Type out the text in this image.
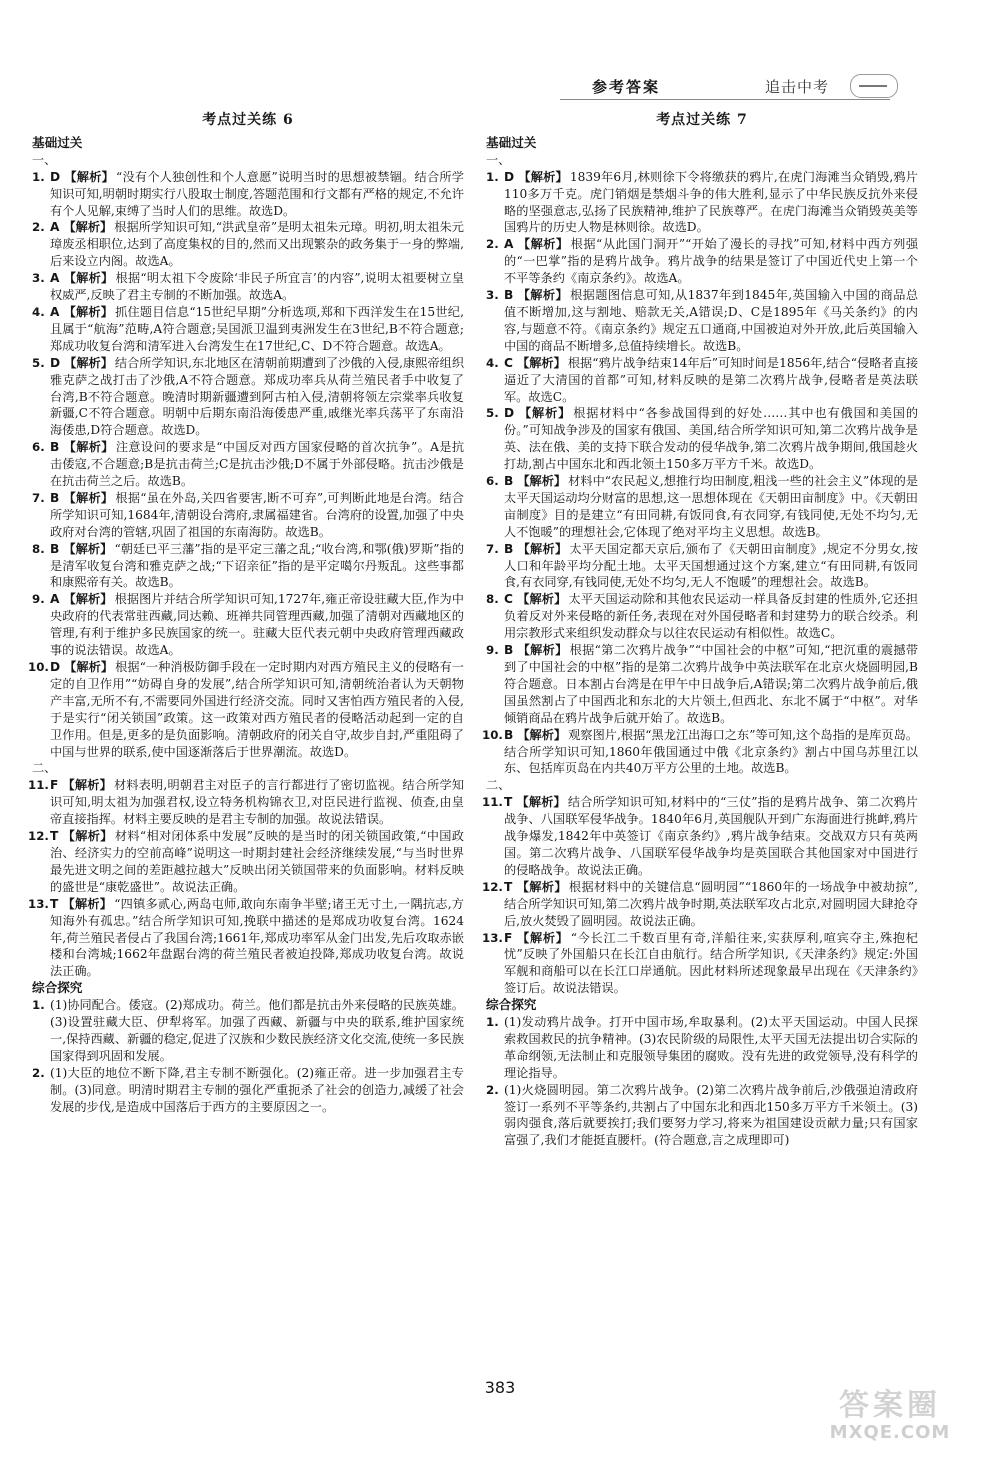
参考答案	追击中考
考点过关练 6
基础过关

一、

1. D 【解析】 “没有个人独创性和个人意愿”说明当时的思想被禁锢。结合所学知识可知,明朝时期实行八股取士制度,答题范围和行文都有严格的规定,不允许有个人见解,束缚了当时人们的思维。故选D。

2. A 【解析】 根据所学知识可知,“洪武皇帝”是明太祖朱元璋。明初,明太祖朱元璋废丞相职位,达到了高度集权的目的,然而又出现繁杂的政务集于一身的弊端,后来设立内阁。故选A。

3. A 【解析】 根据“明太祖下令废除‘非民子所宜言’的内容”,说明太祖要树立皇权威严,反映了君主专制的不断加强。故选A。

4. A 【解析】 抓住题目信息“15世纪早期”分析选项,郑和下西洋发生在15世纪,且属于“航海”范畴,A符合题意;吴国派卫温到夷洲发生在3世纪,B不符合题意;郑成功收复台湾和清军进入台湾发生在17世纪,C、D不符合题意。故选A。

5. D 【解析】 结合所学知识,东北地区在清朝前期遭到了沙俄的入侵,康熙帝组织雅克萨之战打击了沙俄,A不符合题意。郑成功率兵从荷兰殖民者手中收复了台湾,B不符合题意。晚清时期新疆遭到阿古柏入侵,清朝将领左宗棠率兵收复新疆,C不符合题意。明朝中后期东南沿海倭患严重,戚继光率兵荡平了东南沿海倭患,D符合题意。故选D。

6. B 【解析】 注意设问的要求是“中国反对西方国家侵略的首次抗争”。A是抗击倭寇,不合题意;B是抗击荷兰;C是抗击沙俄;D不属于外部侵略。抗击沙俄是在抗击荷兰之后。故选B。

7. B 【解析】 根据“虽在外岛,关四省要害,断不可弃”,可判断此地是台湾。结合所学知识可知,1684年,清朝设台湾府,隶属福建省。台湾府的设置,加强了中央政府对台湾的管辖,巩固了祖国的东南海防。故选B。

8. B 【解析】 “朝廷已平三藩”指的是平定三藩之乱;“收台湾,和鄂(俄)罗斯”指的是清军收复台湾和雅克萨之战;“下诏亲征”指的是平定噶尔丹叛乱。这些事都和康熙帝有关。故选B。

9. A 【解析】 根据图片并结合所学知识可知,1727年,雍正帝设驻藏大臣,作为中央政府的代表常驻西藏,同达赖、班禅共同管理西藏,加强了清朝对西藏地区的管理,有利于维护多民族国家的统一。驻藏大臣代表元朝中央政府管理西藏政事的说法错误。故选A。

10. D 【解析】 根据“一种消极防御手段在一定时期内对西方殖民主义的侵略有一定的自卫作用”“妨碍自身的发展”,结合所学知识可知,清朝统治者认为天朝物产丰富,无所不有,不需要同外国进行经济交流。同时又害怕西方殖民者的入侵,于是实行“闭关锁国”政策。这一政策对西方殖民者的侵略活动起到一定的自卫作用。但是,更多的是负面影响。清朝政府的闭关自守,故步自封,严重阻碍了中国与世界的联系,使中国逐渐落后于世界潮流。故选D。

二、

11. F 【解析】 材料表明,明朝君主对臣子的言行都进行了密切监视。结合所学知识可知,明太祖为加强君权,设立特务机构锦衣卫,对臣民进行监视、侦查,由皇帝直接指挥。材料主要反映的是君主专制的加强。故说法错误。

12. T 【解析】 材料“相对闭体系中发展”反映的是当时的闭关锁国政策,“中国政治、经济实力的空前高峰”说明这一时期封建社会经济继续发展,“与当时世界最先进文明之间的差距越拉越大”反映出闭关锁国带来的负面影响。材料反映的盛世是“康乾盛世”。故说法正确。

13. T 【解析】 “四镇多贰心,两岛屯师,敢向东南争半壁;诸王无寸土,一隅抗志,方知海外有孤忠。”结合所学知识可知,挽联中描述的是郑成功收复台湾。1624年,荷兰殖民者侵占了我国台湾;1661年,郑成功率军从金门出发,先后攻取赤嵌楼和台湾城;1662年盘踞台湾的荷兰殖民者被迫投降,郑成功收复台湾。故说法正确。

综合探究

1. (1)协同配合。倭寇。(2)郑成功。荷兰。他们都是抗击外来侵略的民族英雄。(3)设置驻藏大臣、伊犁将军。加强了西藏、新疆与中央的联系,维护国家统一,保持西藏、新疆的稳定,促进了汉族和少数民族经济文化交流,使统一多民族国家得到巩固和发展。

2. (1)大臣的地位不断下降,君主专制不断强化。(2)雍正帝。进一步加强君主专制。(3)同意。明清时期君主专制的强化严重扼杀了社会的创造力,减缓了社会发展的步伐,是造成中国落后于西方的主要原因之一。

考点过关练 7
基础过关

一、

1. D 【解析】 1839年6月,林则徐下令将缴获的鸦片,在虎门海滩当众销毁,鸦片110多万千克。虎门销烟是禁烟斗争的伟大胜利,显示了中华民族反抗外来侵略的坚强意志,弘扬了民族精神,维护了民族尊严。在虎门海滩当众销毁英美等国鸦片的历史人物是林则徐。故选D。

2. A 【解析】 根据“从此国门洞开”“开始了漫长的寻找”可知,材料中西方列强的“一巴掌”指的是鸦片战争。鸦片战争的结果是签订了中国近代史上第一个不平等条约《南京条约》。故选A。

3. B 【解析】 根据题图信息可知,从1837年到1845年,英国输入中国的商品总值不断增加,这与割地、赔款无关,A错误;D、C是1895年《马关条约》的内容,与题意不符。《南京条约》规定五口通商,中国被迫对外开放,此后英国输入中国的商品不断增多,总值持续增长。故选B。

4. C 【解析】 根据“鸦片战争结束14年后”可知时间是1856年,结合“侵略者直接逼近了大清国的首都”可知,材料反映的是第二次鸦片战争,侵略者是英法联军。故选C。

5. D 【解析】 根据材料中“各参战国得到的好处……其中也有俄国和美国的份。”可知战争涉及的国家有俄国、美国,结合所学知识可知,第二次鸦片战争是英、法在俄、美的支持下联合发动的侵华战争,第二次鸦片战争期间,俄国趁火打劫,割占中国东北和西北领土150多万平方千米。故选D。

6. B 【解析】 材料中“农民起义,想推行均田制度,粗浅一些的社会主义”体现的是太平天国运动均分财富的思想,这一思想体现在《天朝田亩制度》中。《天朝田亩制度》目的是建立“有田同耕,有饭同食,有衣同穿,有钱同使,无处不均匀,无人不饱暖”的理想社会,它体现了绝对平均主义思想。故选B。

7. B 【解析】 太平天国定都天京后,颁布了《天朝田亩制度》,规定不分男女,按人口和年龄平均分配土地。太平天国想通过这个方案,建立“有田同耕,有饭同食,有衣同穿,有钱同使,无处不均匀,无人不饱暖”的理想社会。故选B。

8. C 【解析】 太平天国运动除和其他农民运动一样具备反封建的性质外,它还担负着反对外来侵略的新任务,表现在对外国侵略者和封建势力的联合绞杀。利用宗教形式来组织发动群众与以往农民运动有相似性。故选C。

9. B 【解析】 根据“第二次鸦片战争”“中国社会的中枢”可知,“把沉重的震撼带到了中国社会的中枢”指的是第二次鸦片战争中英法联军在北京火烧圆明园,B符合题意。日本割占台湾是在甲午中日战争后,A错误;第二次鸦片战争前后,俄国虽然割占了中国西北和东北的大片领土,但西北、东北不属于“中枢”。对华倾销商品在鸦片战争后就开始了。故选B。

10. B 【解析】 观察图片,根据“黑龙江出海口之东”等可知,这个岛指的是库页岛。结合所学知识可知,1860年俄国通过中俄《北京条约》割占中国乌苏里江以东、包括库页岛在内共40万平方公里的土地。故选B。

二、

11. T 【解析】 结合所学知识可知,材料中的“三仗”指的是鸦片战争、第二次鸦片战争、八国联军侵华战争。1840年6月,英国舰队开到广东海面进行挑衅,鸦片战争爆发,1842年中英签订《南京条约》,鸦片战争结束。交战双方只有英两国。第二次鸦片战争、八国联军侵华战争均是英国联合其他国家对中国进行的侵略战争。故说法正确。

12. T 【解析】 根据材料中的关键信息“圆明园”“1860年的一场战争中被劫掠”,结合所学知识可知,第二次鸦片战争时期,英法联军攻占北京,对圆明园大肆抢夺后,放火焚毁了圆明园。故说法正确。

13. F 【解析】 “今长江二千数百里有奇,洋船往来,实获厚利,喧宾夺主,殊抱杞忧”反映了外国船只在长江自由航行。结合所学知识,《天津条约》规定:外国军舰和商船可以在长江口岸通航。因此材料所述现象最早出现在《天津条约》签订后。故说法错误。

综合探究

1. (1)发动鸦片战争。打开中国市场,牟取暴利。(2)太平天国运动。中国人民探索救国救民的抗争精神。(3)农民阶级的局限性,太平天国无法提出切合实际的革命纲领,无法制止和克服领导集团的腐败。没有先进的政党领导,没有科学的理论指导。

2. (1)火烧圆明园。第二次鸦片战争。(2)第二次鸦片战争前后,沙俄强迫清政府签订一系列不平等条约,共割占了中国东北和西北150多万平方千米领土。(3)弱肉强食,落后就要挨打;我们要努力学习,将来为祖国建设贡献力量;只有国家富强了,我们才能挺直腰杆。(符合题意,言之成理即可)

383
答案圈
MXQE.COM
